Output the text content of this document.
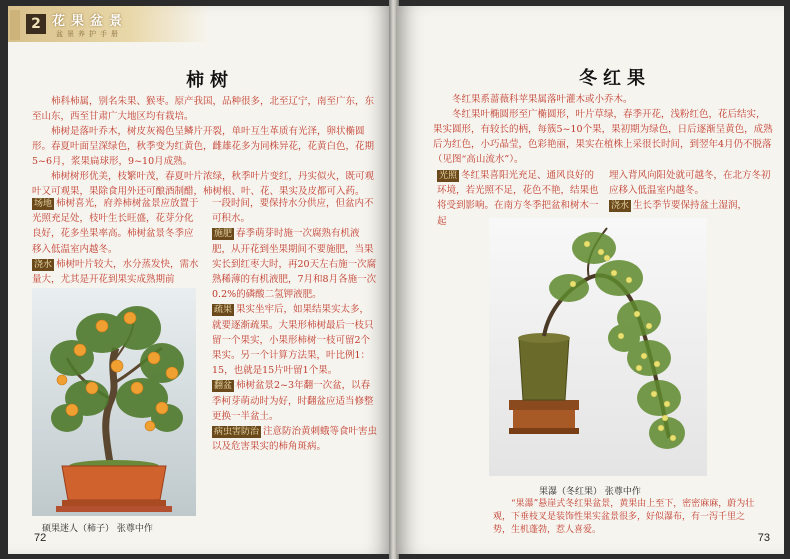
2 花果盆景
盆景养护手册
柿树

柿科柿属，别名朱果、猴枣。原产我国，品种很多，北至辽宁，南至广东，东至山东，西至甘肃广大地区均有栽培。

柿树是落叶乔木，树皮灰褐色呈鳞片开裂，单叶互生革质有光泽，卵状椭圆形。春夏叶面呈深绿色，秋季变为红黄色，雌雄花多为同株异花，花黄白色，花期5~6月，浆果扁球形，9~10月成熟。

柿树树形优美，枝繁叶茂，春夏叶片浓绿，秋季叶片变红，丹实似火，既可观叶又可观果，果除食用外还可酿酒制醋，柿树根、叶、花、果实及皮都可入药。

场地 柿树喜光，府养柿树盆景应放置于光照充足处，枝叶生长旺盛，花芽分化良好，花多坐果率高。柿树盆景冬季应移入低温室内越冬。

浇水 柿树叶片较大，水分蒸发快，需水量大，尤其是开花到果实成熟期前

一段时间，要保持水分供应，但盆内不可积水。

施肥 春季萌芽时施一次腐熟有机液肥，从开花到坐果期间不要施肥，当果实长到红枣大时，再20天左右施一次腐熟稀薄的有机液肥，7月和8月各施一次0.2%的磷酸二氢钾液肥。

疏果 果实坐牢后，如果结果实太多，就要逐渐疏果。大果形柿树最后一枝只留一个果实，小果形柿树一枝可留2个果实。另一个计算方法果，叶比例1：15，也就是15片叶留1个果。

翻盆 柿树盆景2~3年翻一次盆，以春季柯芽萌动时为好，时翻盆应适当修整更换一半盆土。

病虫害防治 注意防治黄刺蛾等食叶害虫以及危害果实的柿角斑病。

硕果迷人（柿子） 张尊中作
72
冬红果

冬红果系蔷薇科苹果属落叶灌木或小乔木。

冬红果叶椭圆形至广椭圆形，叶片草绿，春季开花，浅粉红色，花后结实，果实圆形，有较长的柄，每簇5~10个果，果初期为绿色，日后逐渐呈黄色，成熟后为红色，小巧晶莹，色彩艳丽，果实在植株上采很长时间，到翌年4月仍不脱落（见图“高山流水”）。

光照 冬红果喜阳光充足、通风良好的环境，若光照不足，花色不艳，结果也将受到影响。在南方冬季把盆和树木一起

埋入背风向阳处就可越冬，在北方冬初应移入低温室内越冬。

浇水 生长季节要保持盆土湿润，

果瀑（冬红果） 张尊中作

“果瀑”悬崖式冬红果盆景，黄果由上至下，密密麻麻，蔚为壮观，下垂枝叉是装饰性果实盆景很多，好似瀑布，有一泻千里之势，生机蓬勃，惹人喜爱。

73
